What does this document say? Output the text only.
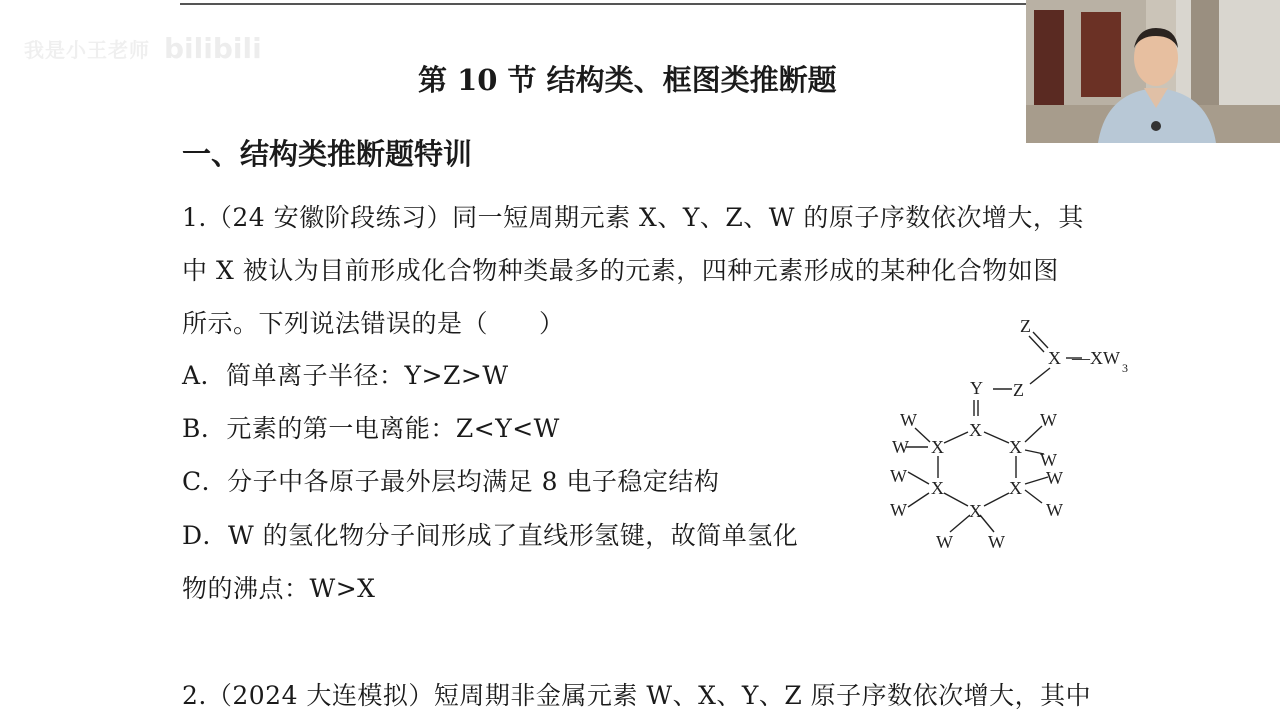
我是小王老师 bilibili
第 10 节 结构类、框图类推断题
一、结构类推断题特训
1.（24 安徽阶段练习）同一短周期元素 X、Y、Z、W 的原子序数依次增大，其
中 X 被认为目前形成化合物种类最多的元素，四种元素形成的某种化合物如图
所示。下列说法错误的是（　　）
A．简单离子半径：Y>Z>W
B．元素的第一电离能：Z<Y<W
C．分子中各原子最外层均满足 8 电子稳定结构
D．W 的氢化物分子间形成了直线形氢键，故简单氢化
物的沸点：W>X
2.（2024 大连模拟）短周期非金属元素 W、X、Y、Z 原子序数依次增大，其中
Z
X —XW 3
Y Z
X
X
X
X
X
X
W
W
W
W
W W
W
W
W
W
